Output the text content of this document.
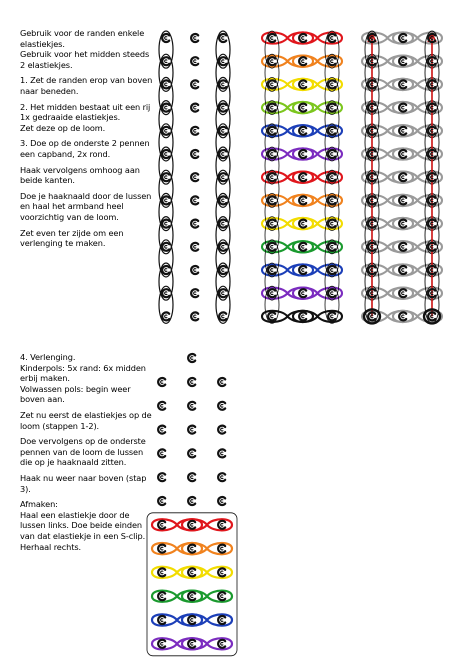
Gebruik voor de randen enkele
elastiekjes.
Gebruik voor het midden steeds
2 elastiekjes.

1. Zet de randen erop van boven
naar beneden.

2. Het midden bestaat uit een rij
1x gedraaide elastiekjes.
Zet deze op de loom.

3. Doe op de onderste 2 pennen
een capband, 2x rond.

Haak vervolgens omhoog aan
beide kanten.

Doe je haaknaald door de lussen
en haal het armband heel
voorzichtig van de loom.

Zet even ter zijde om een
verlenging te maken.

4. Verlenging.
Kinderpols: 5x rand: 6x midden
erbij maken.
Volwassen pols: begin weer
boven aan.

Zet nu eerst de elastiekjes op de
loom (stappen 1-2).

Doe vervolgens op de onderste
pennen van de loom de lussen
die op je haaknaald zitten.

Haak nu weer naar boven (stap
3).

Afmaken:
Haal een elastiekje door de
lussen links. Doe beide einden
van dat elastiekje in een S-clip.
Herhaal rechts.
